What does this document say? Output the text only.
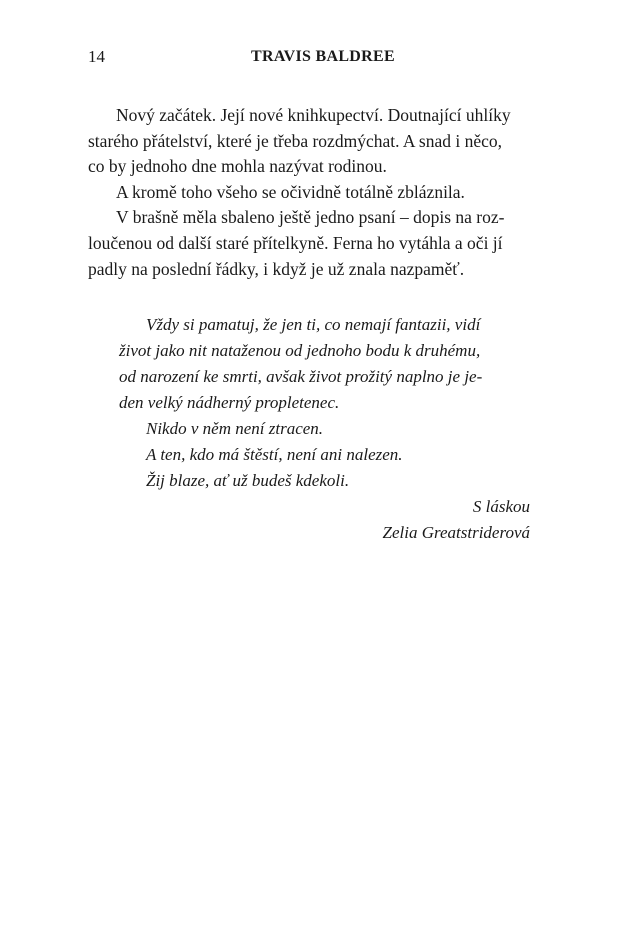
14	TRAVIS BALDREE
Nový začátek. Její nové knihkupectví. Doutnající uhlíky
starého přátelství, které je třeba rozdmýchat. A snad i něco,
co by jednoho dne mohla nazývat rodinou.
A kromě toho všeho se očividně totálně zbláznila.
V brašně měla sbaleno ještě jedno psaní – dopis na roz-
loučenou od další staré přítelkyně. Ferna ho vytáhla a oči jí
padly na poslední řádky, i když je už znala nazpaměť.
Vždy si pamatuj, že jen ti, co nemají fantazii, vidí
život jako nit nataženou od jednoho bodu k druhému,
od narození ke smrti, avšak život prožitý naplno je je-
den velký nádherný propletenec.
Nikdo v něm není ztracen.
A ten, kdo má štěstí, není ani nalezen.
Žij blaze, ať už budeš kdekoli.
S láskou
Zelia Greatstriderová
